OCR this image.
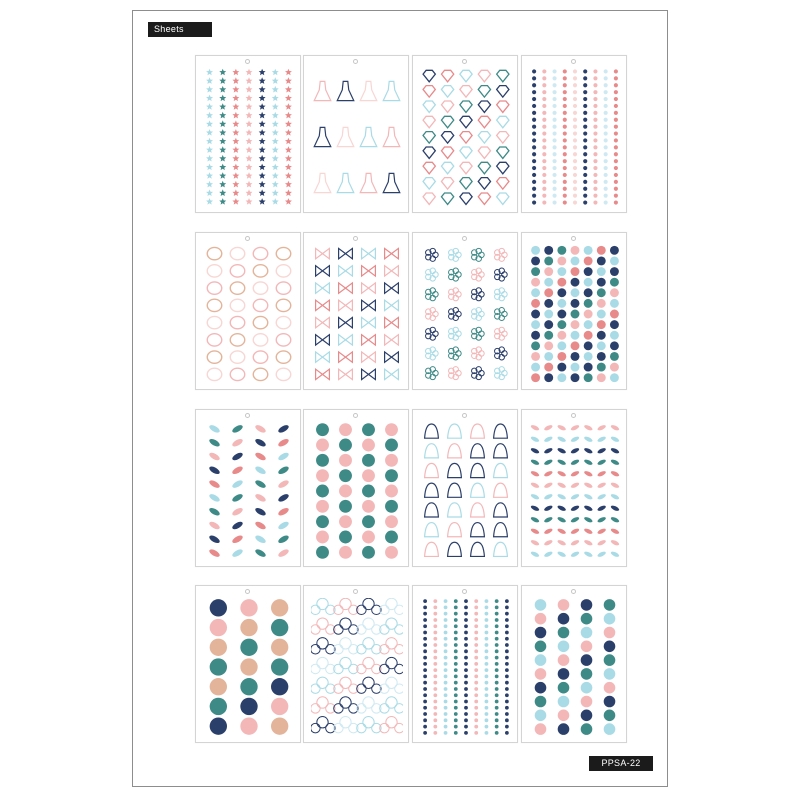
Sheets
PPSA-22
